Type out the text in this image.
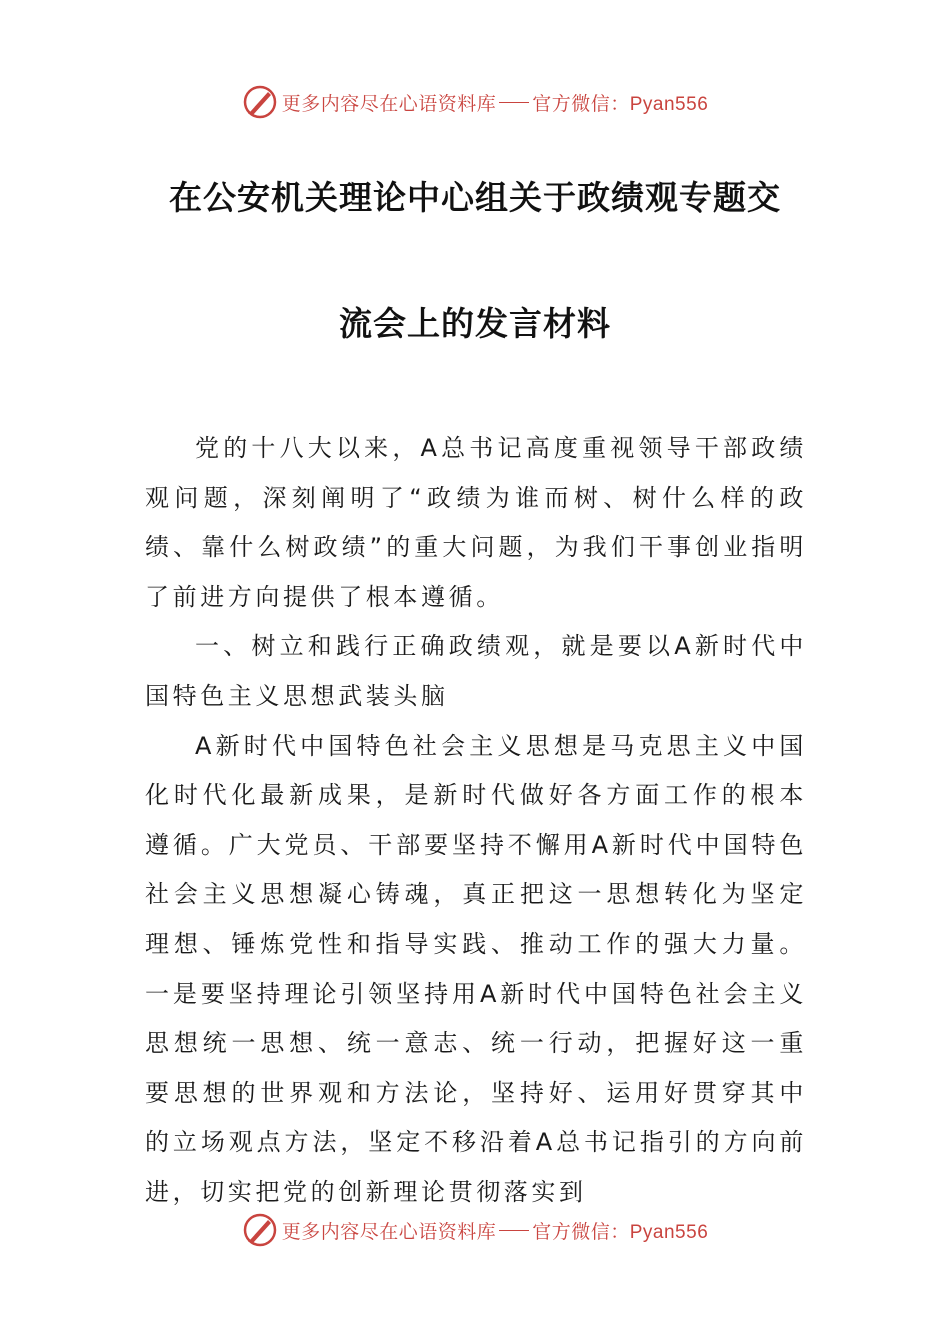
更多内容尽在心语资料库 官方微信：Pyan556
在公安机关理论中心组关于政绩观专题交
流会上的发言材料

党的十八大以来，A总书记高度重视领导干部政绩观问题，深刻阐明了“政绩为谁而树、树什么样的政绩、靠什么树政绩”的重大问题，为我们干事创业指明了前进方向提供了根本遵循。

一、树立和践行正确政绩观，就是要以A新时代中国特色主义思想武装头脑

A新时代中国特色社会主义思想是马克思主义中国化时代化最新成果，是新时代做好各方面工作的根本遵循。广大党员、干部要坚持不懈用A新时代中国特色社会主义思想凝心铸魂，真正把这一思想转化为坚定理想、锤炼党性和指导实践、推动工作的强大力量。一是要坚持理论引领坚持用A新时代中国特色社会主义思想统一思想、统一意志、统一行动，把握好这一重要思想的世界观和方法论，坚持好、运用好贯穿其中的立场观点方法，坚定不移沿着A总书记指引的方向前进，切实把党的创新理论贯彻落实到

更多内容尽在心语资料库 官方微信：Pyan556
